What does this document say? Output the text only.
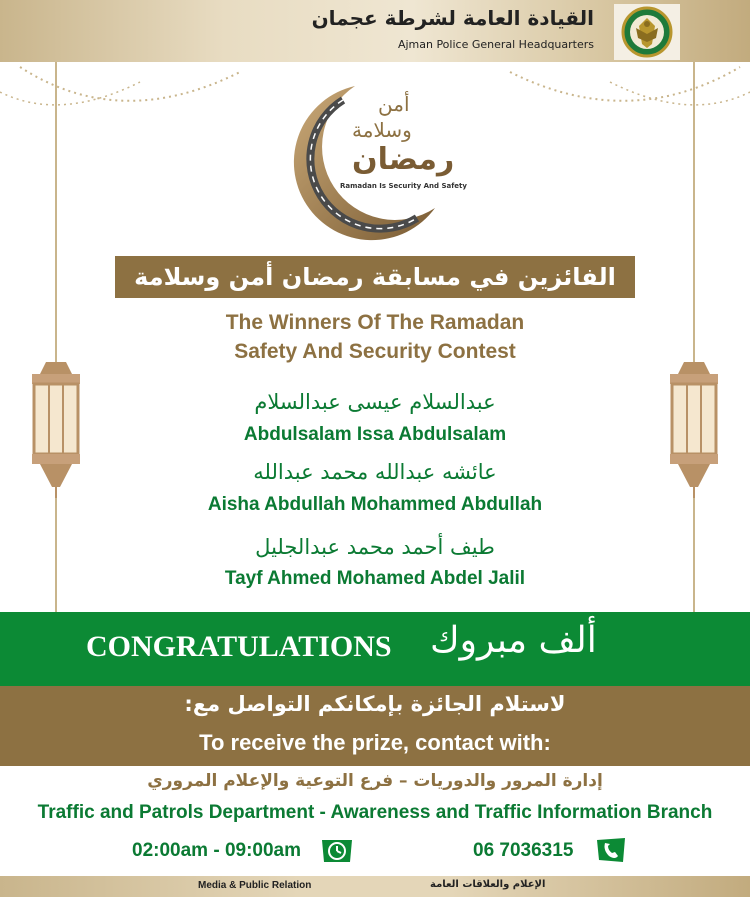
القيادة العامة لشرطة عجمان
Ajman Police General Headquarters
أمن
وسلامة
رمضان
Ramadan Is Security And Safety
الفائزين في مسابقة رمضان أمن وسلامة
The Winners Of The Ramadan
Safety And Security Contest
عبدالسلام عيسى عبدالسلام
Abdulsalam Issa Abdulsalam
عائشه عبدالله محمد عبدالله
Aisha Abdullah Mohammed Abdullah
طيف أحمد محمد عبدالجليل
Tayf Ahmed Mohamed Abdel Jalil
CONGRATULATIONS ألف مبروك
لاستلام الجائزة بإمكانكم التواصل مع:
To receive the prize, contact with:
إدارة المرور والدوريات – فرع التوعية والإعلام المروري
Traffic and Patrols Department - Awareness and Traffic Information Branch
02:00am - 09:00am	06 7036315
Media & Public Relation	الإعلام والعلاقات العامة
